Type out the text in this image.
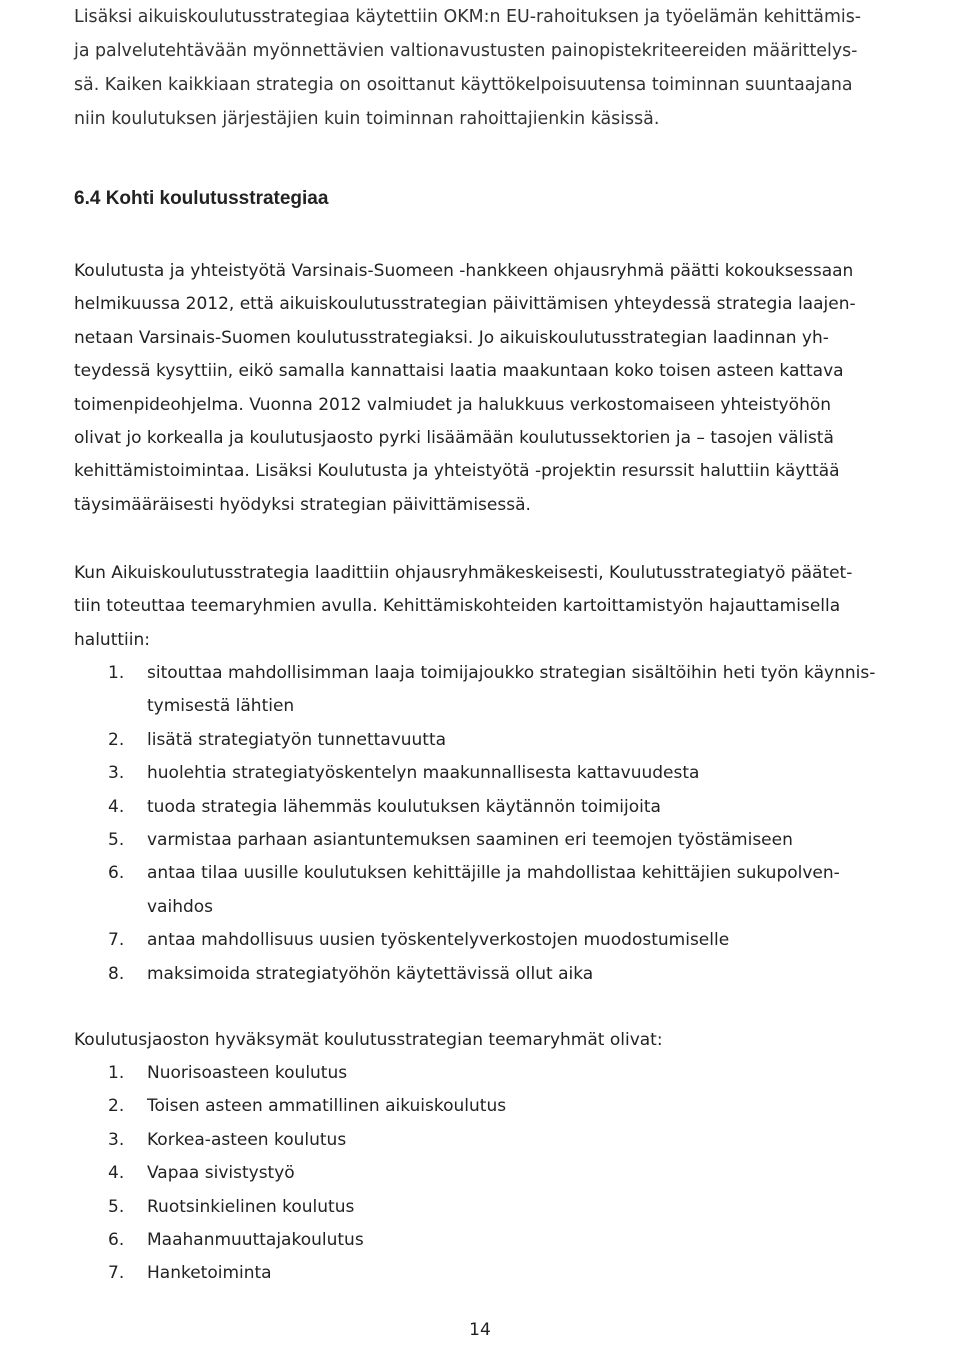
Lisäksi aikuiskoulutusstrategiaa käytettiin OKM:n EU-rahoituksen ja työelämän kehittämis-
ja palvelutehtävään myönnettävien valtionavustusten painopistekriteereiden määrittelys-
sä. Kaiken kaikkiaan strategia on osoittanut käyttökelpoisuutensa toiminnan suuntaajana
niin koulutuksen järjestäjien kuin toiminnan rahoittajienkin käsissä.
6.4 Kohti koulutusstrategiaa
Koulutusta ja yhteistyötä Varsinais-Suomeen -hankkeen ohjausryhmä päätti kokouksessaan
helmikuussa 2012, että aikuiskoulutusstrategian päivittämisen yhteydessä strategia laajen-
netaan Varsinais-Suomen koulutusstrategiaksi. Jo aikuiskoulutusstrategian laadinnan yh-
teydessä kysyttiin, eikö samalla kannattaisi laatia maakuntaan koko toisen asteen kattava
toimenpideohjelma. Vuonna 2012 valmiudet ja halukkuus verkostomaiseen yhteistyöhön
olivat jo korkealla ja koulutusjaosto pyrki lisäämään koulutussektorien ja – tasojen välistä
kehittämistoimintaa. Lisäksi Koulutusta ja yhteistyötä -projektin resurssit haluttiin käyttää
täysimääräisesti hyödyksi strategian päivittämisessä.
Kun Aikuiskoulutusstrategia laadittiin ohjausryhmäkeskeisesti, Koulutusstrategiatyö päätet-
tiin toteuttaa teemaryhmien avulla. Kehittämiskohteiden kartoittamistyön hajauttamisella
haluttiin:
1. sitouttaa mahdollisimman laaja toimijajoukko strategian sisältöihin heti työn käynnis-
tymisestä lähtien
2. lisätä strategiatyön tunnettavuutta
3. huolehtia strategiatyöskentelyn maakunnallisesta kattavuudesta
4. tuoda strategia lähemmäs koulutuksen käytännön toimijoita
5. varmistaa parhaan asiantuntemuksen saaminen eri teemojen työstämiseen
6. antaa tilaa uusille koulutuksen kehittäjille ja mahdollistaa kehittäjien sukupolven-
vaihdos
7. antaa mahdollisuus uusien työskentelyverkostojen muodostumiselle
8. maksimoida strategiatyöhön käytettävissä ollut aika
Koulutusjaoston hyväksymät koulutusstrategian teemaryhmät olivat:
1. Nuorisoasteen koulutus
2. Toisen asteen ammatillinen aikuiskoulutus
3. Korkea-asteen koulutus
4. Vapaa sivistystyö
5. Ruotsinkielinen koulutus
6. Maahanmuuttajakoulutus
7. Hanketoiminta
14
